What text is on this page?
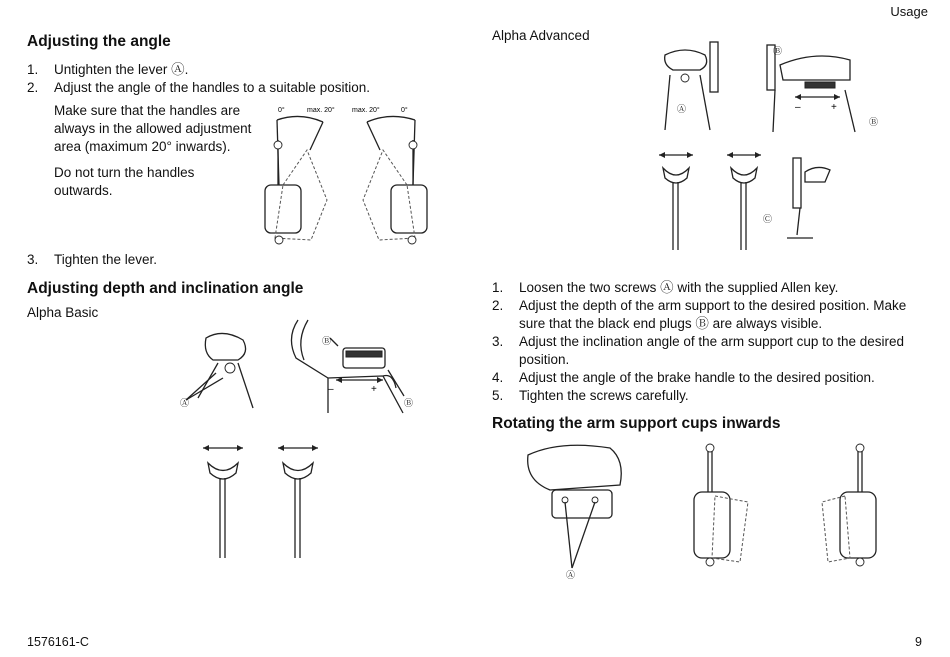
Usage
Adjusting the angle
1. Untighten the lever Ⓐ.
2. Adjust the angle of the handles to a suitable position.
Make sure that the handles are always in the allowed adjustment area (maximum 20° inwards).
Do not turn the handles outwards.
0°	max. 20° max. 20°	0°
3. Tighten the lever.
Adjusting depth and inclination angle
Alpha Basic
Ⓐ
–	+
Ⓑ
Ⓑ
1576161-C
Alpha Advanced
Ⓐ	–	+
Ⓑ
Ⓑ
Ⓒ
1. Loosen the two screws Ⓐ with the supplied Allen key.
2. Adjust the depth of the arm support to the desired position. Make sure that the black end plugs Ⓑ are always visible.
3. Adjust the inclination angle of the arm support cup to the desired position.
4. Adjust the angle of the brake handle to the desired position.
5. Tighten the screws carefully.
Rotating the arm support cups inwards
Ⓐ
9
